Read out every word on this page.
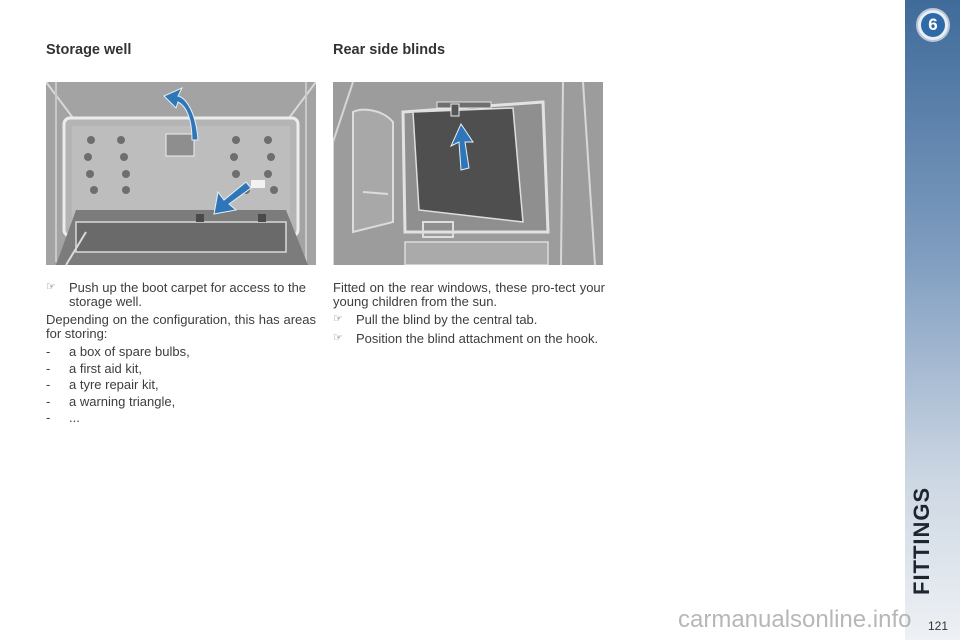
Storage well

☞ Push up the boot carpet for access to the storage well.

Depending on the configuration, this has areas for storing:

- a box of spare bulbs,

- a first aid kit,

- a tyre repair kit,

- a warning triangle,

- ...

Rear side blinds

Fitted on the rear windows, these pro-tect your young children from the sun.

☞ Pull the blind by the central tab.

☞ Position the blind attachment on the hook.

6
FITTINGS
121
carmanualsonline.info
